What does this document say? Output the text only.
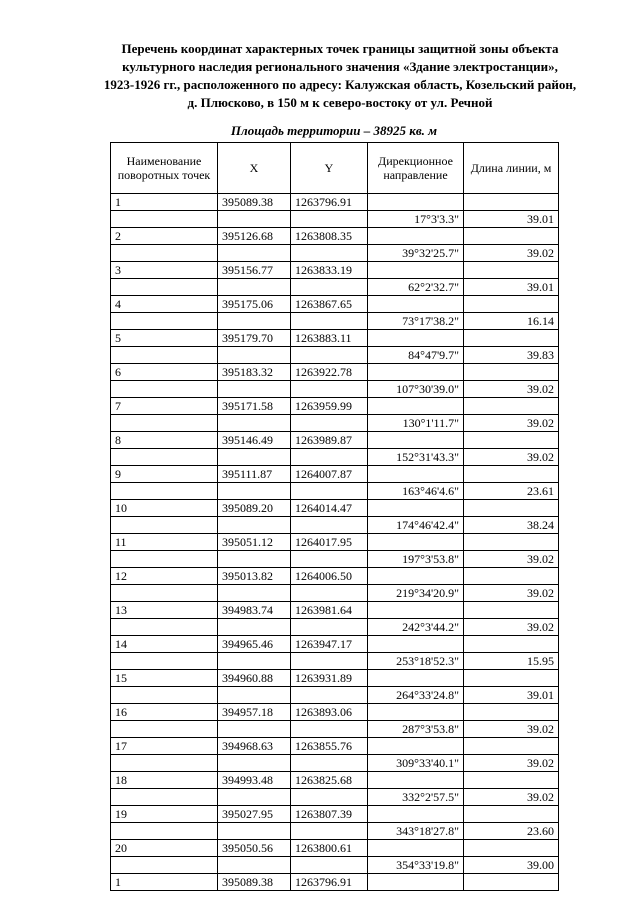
Перечень координат характерных точек границы защитной зоны объекта
культурного наследия регионального значения «Здание электростанции»,
1923-1926 гг., расположенного по адресу: Калужская область, Козельский район,
д. Плюсково, в 150 м к северо-востоку от ул. Речной
Площадь территории – 38925 кв. м
Наименование поворотных точек	X	Y	Дирекционное направление	Длина линии, м
1	395089.38	1263796.91		
			17°3'3.3"	39.01
2	395126.68	1263808.35		
			39°32'25.7"	39.02
3	395156.77	1263833.19		
			62°2'32.7"	39.01
4	395175.06	1263867.65		
			73°17'38.2"	16.14
5	395179.70	1263883.11		
			84°47'9.7"	39.83
6	395183.32	1263922.78		
			107°30'39.0"	39.02
7	395171.58	1263959.99		
			130°1'11.7"	39.02
8	395146.49	1263989.87		
			152°31'43.3"	39.02
9	395111.87	1264007.87		
			163°46'4.6"	23.61
10	395089.20	1264014.47		
			174°46'42.4"	38.24
11	395051.12	1264017.95		
			197°3'53.8"	39.02
12	395013.82	1264006.50		
			219°34'20.9"	39.02
13	394983.74	1263981.64		
			242°3'44.2"	39.02
14	394965.46	1263947.17		
			253°18'52.3"	15.95
15	394960.88	1263931.89		
			264°33'24.8"	39.01
16	394957.18	1263893.06		
			287°3'53.8"	39.02
17	394968.63	1263855.76		
			309°33'40.1"	39.02
18	394993.48	1263825.68		
			332°2'57.5"	39.02
19	395027.95	1263807.39		
			343°18'27.8"	23.60
20	395050.56	1263800.61		
			354°33'19.8"	39.00
1	395089.38	1263796.91		
